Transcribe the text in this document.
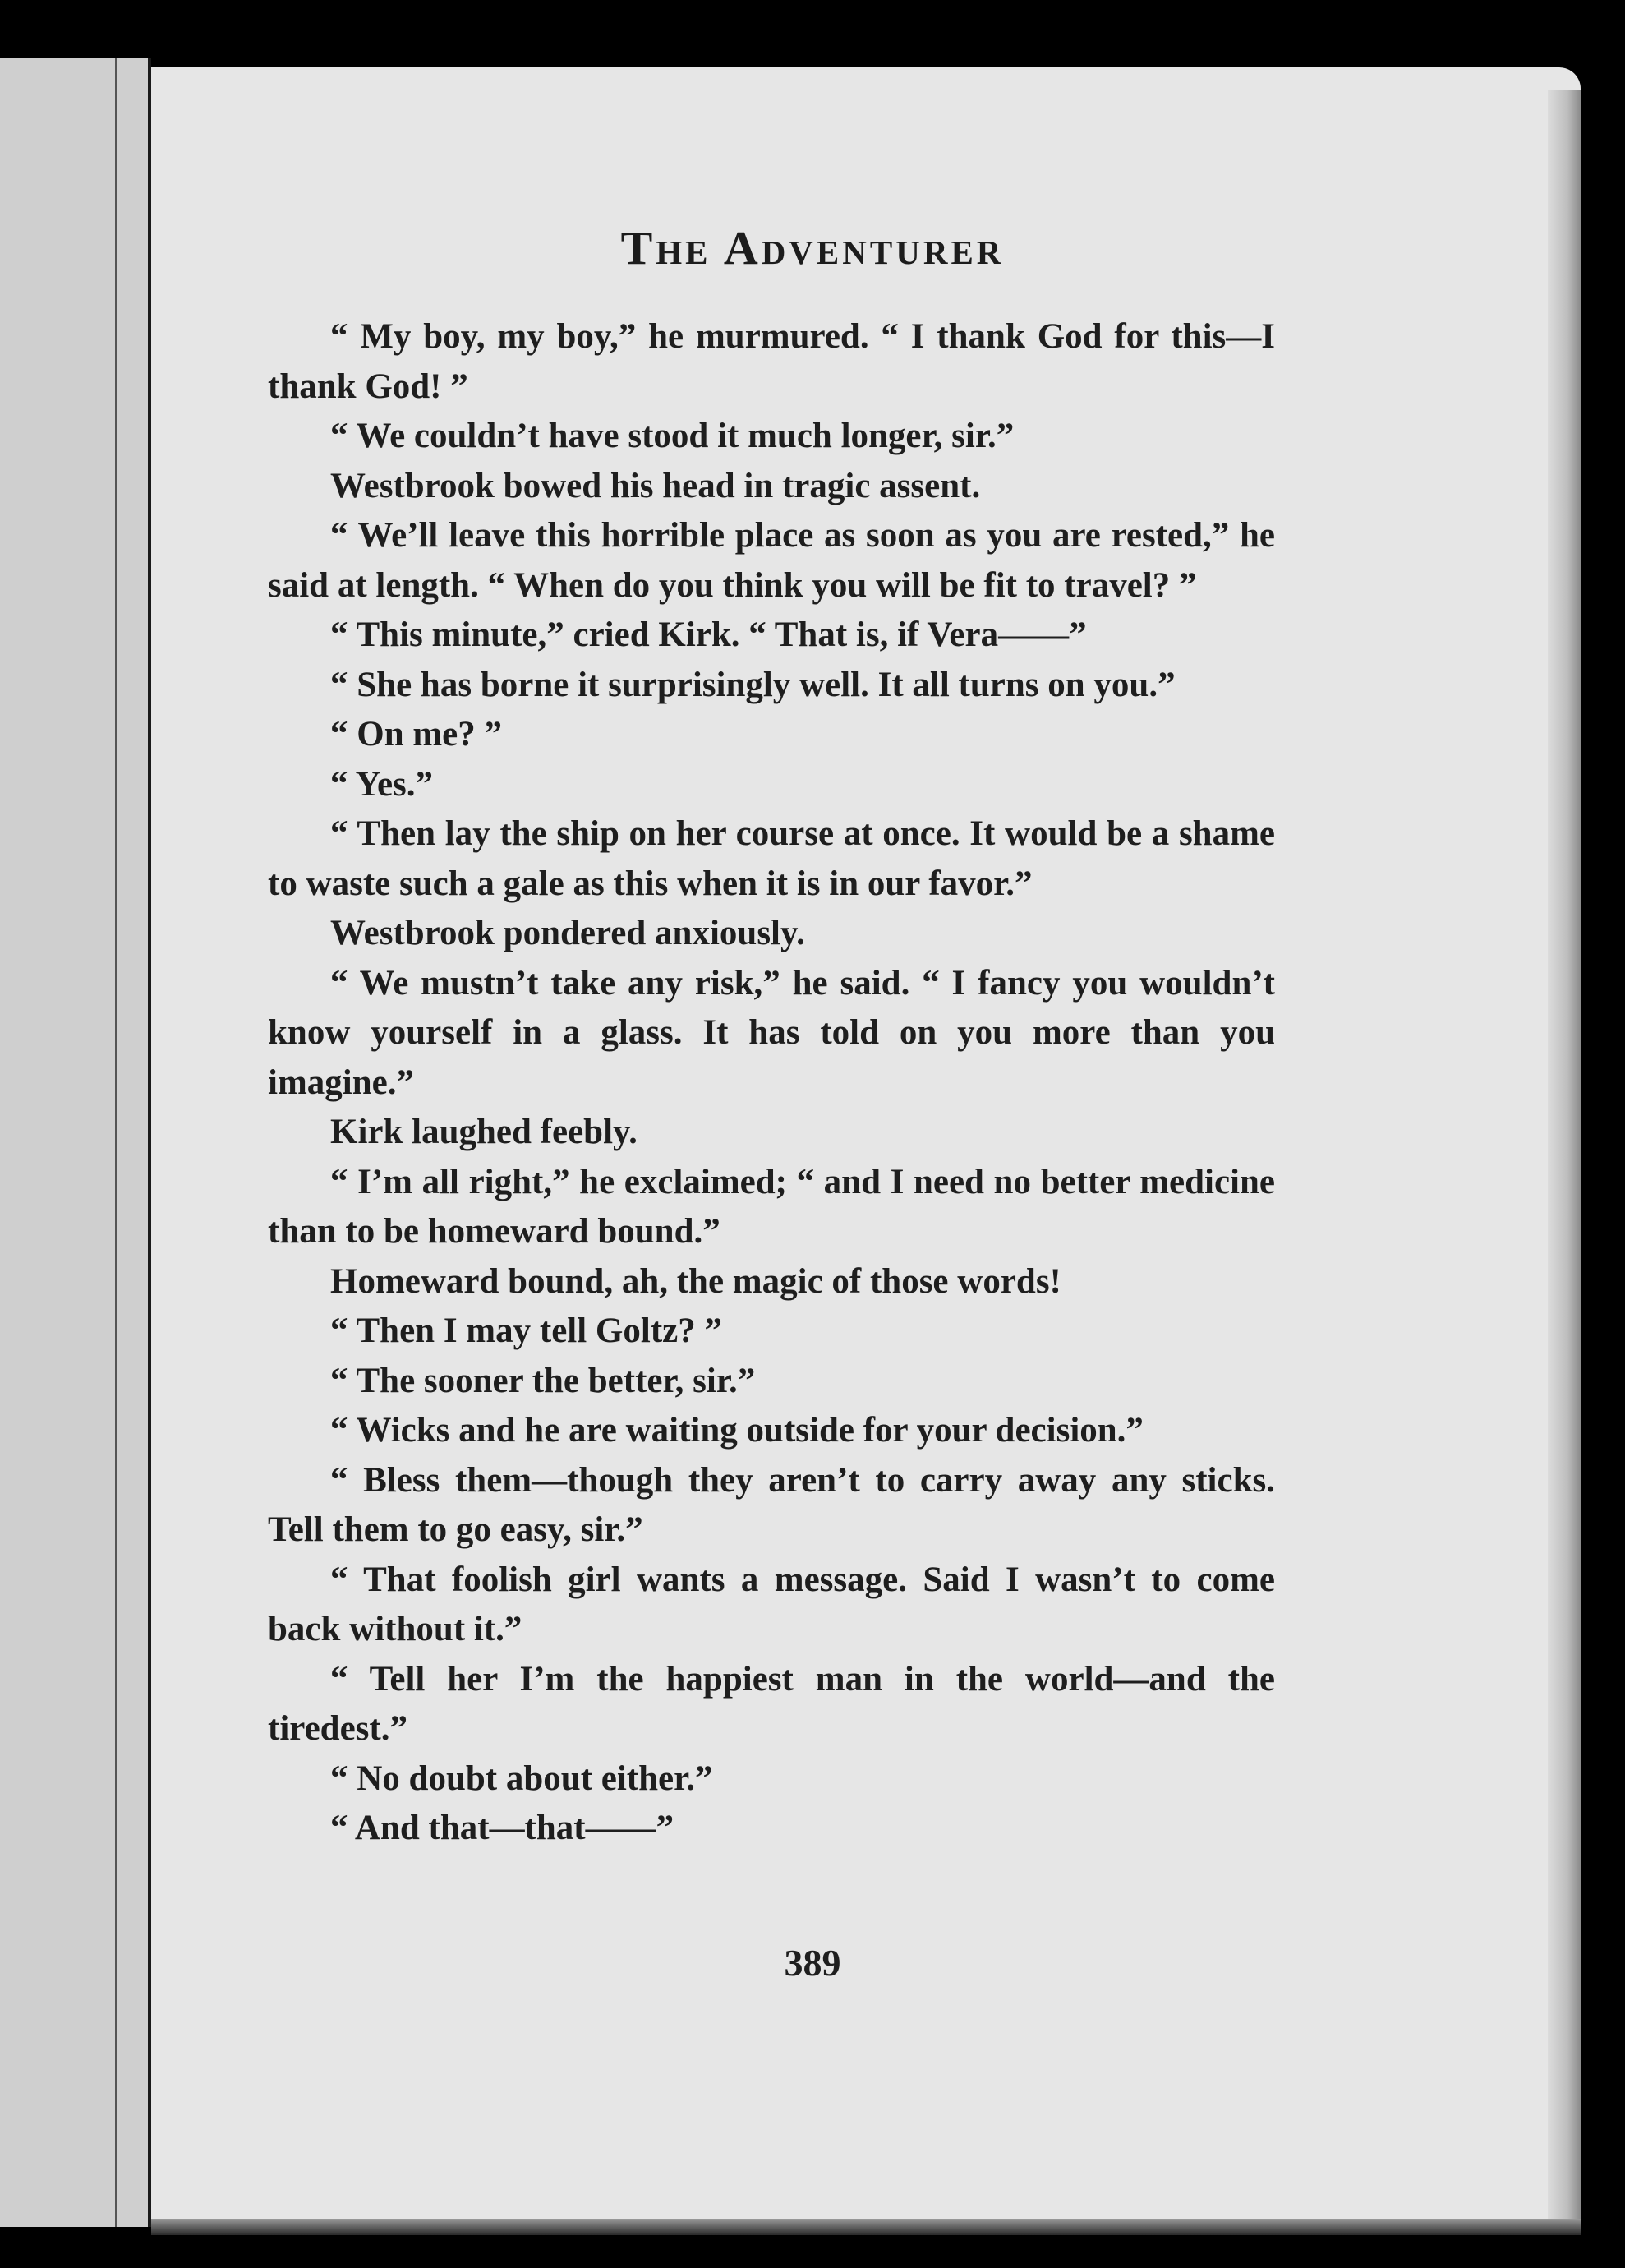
The Adventurer

“ My boy, my boy,” he murmured. “ I thank God for this—I thank God! ”

“ We couldn’t have stood it much longer, sir.”

Westbrook bowed his head in tragic assent.

“ We’ll leave this horrible place as soon as you are rested,” he said at length. “ When do you think you will be fit to travel? ”

“ This minute,” cried Kirk. “ That is, if Vera——”

“ She has borne it surprisingly well. It all turns on you.”

“ On me? ”

“ Yes.”

“ Then lay the ship on her course at once. It would be a shame to waste such a gale as this when it is in our favor.”

Westbrook pondered anxiously.

“ We mustn’t take any risk,” he said. “ I fancy you wouldn’t know yourself in a glass. It has told on you more than you imagine.”

Kirk laughed feebly.

“ I’m all right,” he exclaimed; “ and I need no better medicine than to be homeward bound.”

Homeward bound, ah, the magic of those words!

“ Then I may tell Goltz? ”

“ The sooner the better, sir.”

“ Wicks and he are waiting outside for your decision.”

“ Bless them—though they aren’t to carry away any sticks. Tell them to go easy, sir.”

“ That foolish girl wants a message. Said I wasn’t to come back without it.”

“ Tell her I’m the happiest man in the world—and the tiredest.”

“ No doubt about either.”

“ And that—that——”

389
